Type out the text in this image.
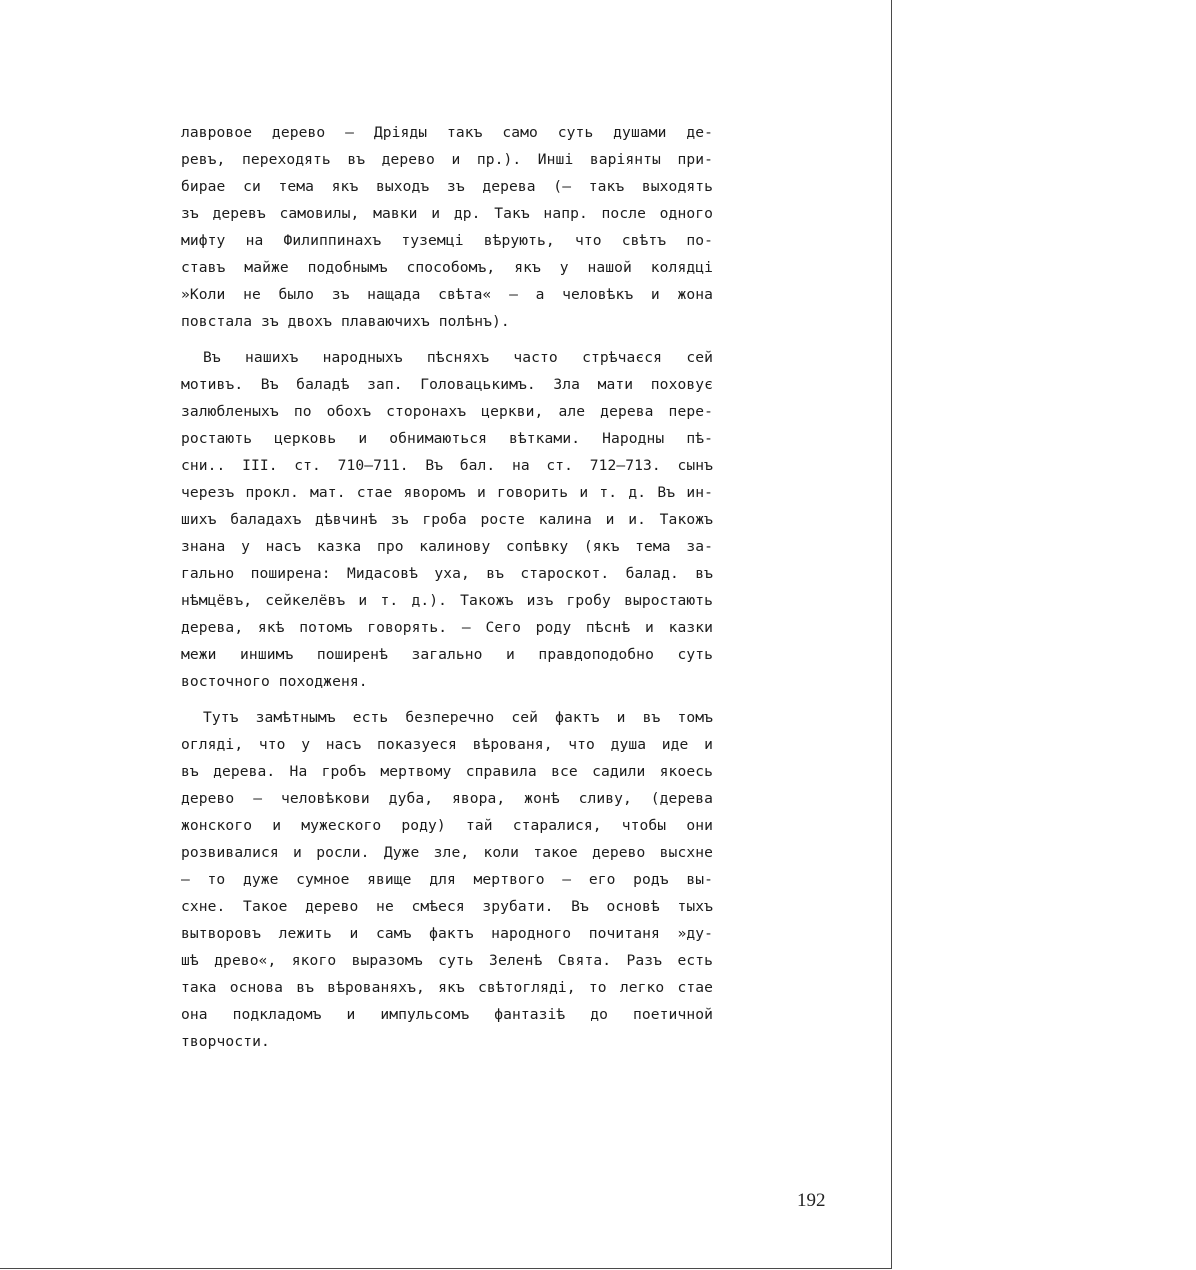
лавровое дерево — Дріяды такъ само суть душами де-
ревъ, переходять въ дерево и пр.). Инші варіянты при-
бирае си тема якъ выходъ зъ дерева (— такъ выходять
зъ деревъ самовилы, мавки и др. Такъ напр. после одного
мифту на Филиппинахъ туземці вѣрують, что свѣтъ по-
ставъ майже подобнымъ способомъ, якъ у нашой колядці
»Коли не было зъ нащада свѣта« — а человѣкъ и жона
повстала зъ двохъ плаваючихъ полѣнъ).
Въ нашихъ народныхъ пѣсняхъ часто стрѣчаєся сей
мотивъ. Въ баладѣ зап. Головацькимъ. Зла мати поховує
залюбленыхъ по обохъ сторонахъ церкви, але дерева пере-
ростають церковь и обнимаються вѣтками. Народны пѣ-
сни.. III. ст. 710—711. Въ бал. на ст. 712—713. сынъ
черезъ прокл. мат. стае яворомъ и говорить и т. д. Въ ин-
шихъ баладахъ дѣвчинѣ зъ гроба росте калина и и. Такожъ
знана у насъ казка про калинову сопѣвку (якъ тема за-
гально поширена: Мидасовѣ уха, въ староскот. балад. въ
нѣмцёвъ, сейкелёвъ и т. д.). Такожъ изъ гробу выростають
дерева, якѣ потомъ говорять. — Сего роду пѣснѣ и казки
межи иншимъ поширенѣ загально и правдоподобно суть
восточного походженя.
Тутъ замѣтнымъ есть безперечно сей фактъ и въ томъ
огляді, что у насъ показуеся вѣрованя, что душа иде и
въ дерева. На гробъ мертвому справила все садили якоесь
дерево — человѣкови дуба, явора, жонѣ сливу, (дерева
жонского и мужеского роду) тай старалися, чтобы они
розвивалися и росли. Дуже зле, коли такое дерево высхне
— то дуже сумное явище для мертвого — его родъ вы-
схне. Такое дерево не смѣеся зрубати. Въ основѣ тыхъ
вытворовъ лежить и самъ фактъ народного почитаня »ду-
шѣ древо«, якого выразомъ суть Зеленѣ Свята. Разъ есть
така основа въ вѣрованяхъ, якъ свѣтогляді, то легко стае
она подкладомъ и импульсомъ фантазіѣ до поетичной
творчости.
192
